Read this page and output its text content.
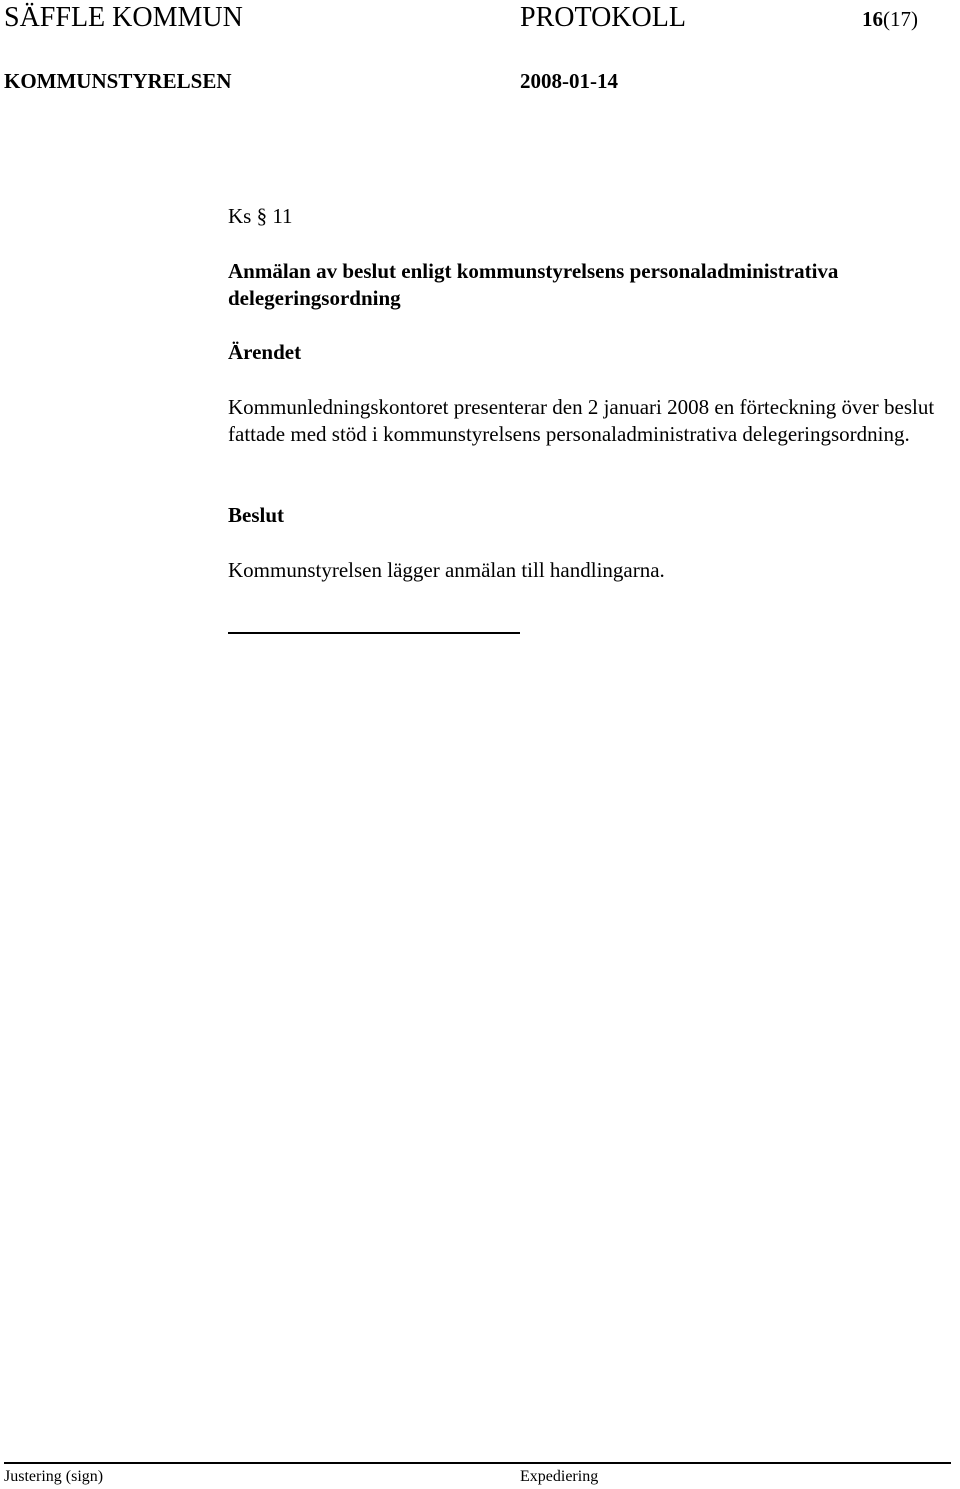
SÄFFLE KOMMUN	PROTOKOLL	16(17)
KOMMUNSTYRELSEN	2008-01-14
Ks § 11
Anmälan av beslut enligt kommunstyrelsens personaladministrativa delegeringsordning
Ärendet
Kommunledningskontoret presenterar den 2 januari 2008 en förteckning över beslut fattade med stöd i kommunstyrelsens personaladministrativa delegeringsordning.
Beslut
Kommunstyrelsen lägger anmälan till handlingarna.
Justering (sign)	Expediering
